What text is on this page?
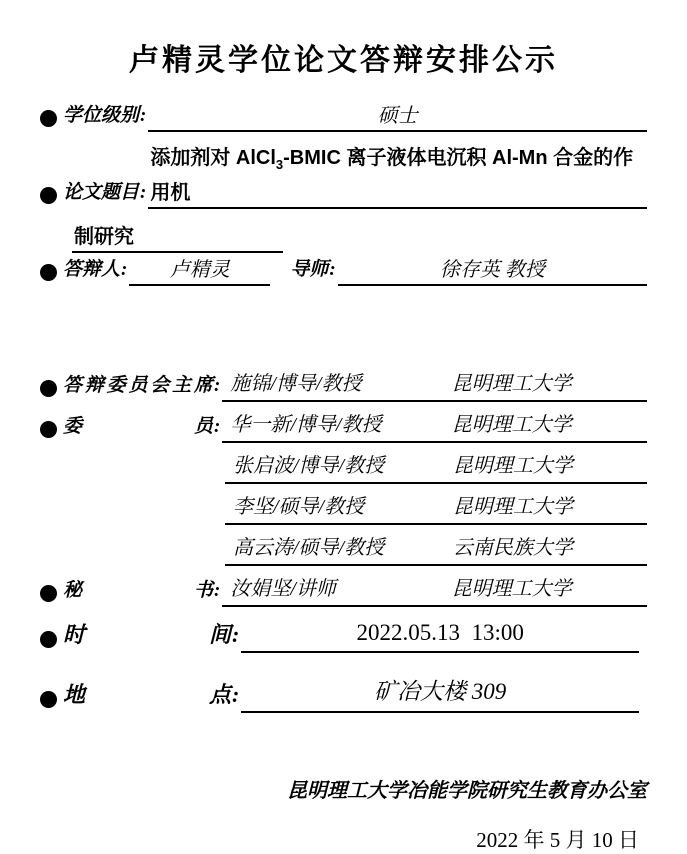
卢精灵学位论文答辩安排公示
学位级别:	硕士
论文题目:
添加剂对 AlCl$_3$-BMIC 离子液体电沉积 Al-Mn 合金的作用机
制研究
答辩人:	卢精灵	导师:	徐存英 教授
答辩委员会主席: 施锦/博导/教授	昆明理工大学
委员: 华一新/博导/教授	昆明理工大学
张启波/博导/教授	昆明理工大学
李坚/硕导/教授	昆明理工大学
高云涛/硕导/教授	云南民族大学
秘书: 汝娟坚/讲师	昆明理工大学
时间:	2022.05.13  13:00
地点:	矿冶大楼 309
昆明理工大学冶能学院研究生教育办公室
2022 年 5 月 10 日
